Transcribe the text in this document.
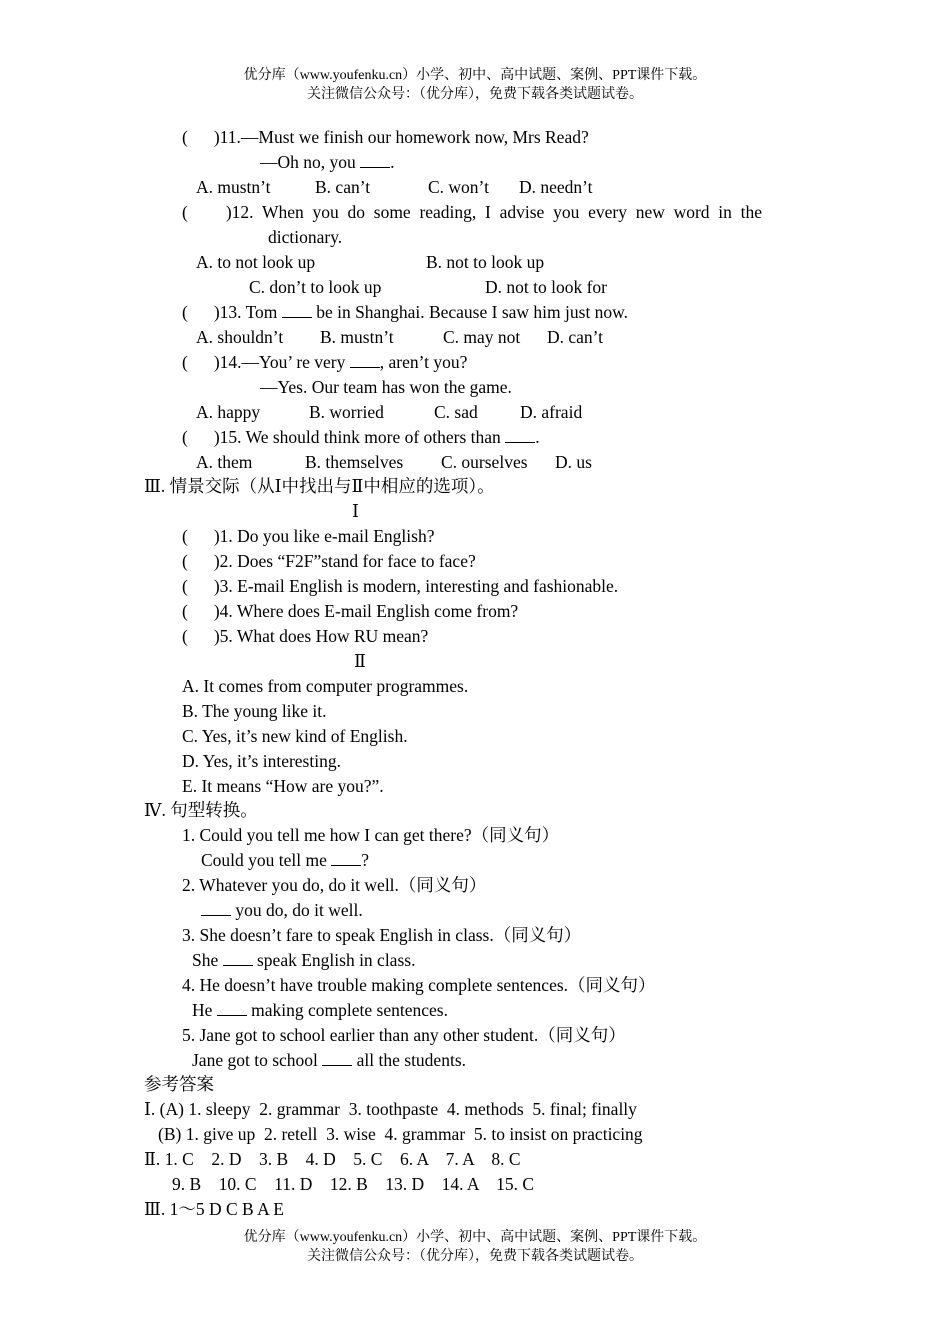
优分库（www.youfenku.cn）小学、初中、高中试题、案例、PPT课件下载。
关注微信公众号：（优分库），免费下载各类试题试卷。
( )11.—Must we finish our homework now, Mrs Read?
—Oh no, you .
A. mustn’t	B. can’t	C. won’t D. needn’t
( )12. When  you  do  some  reading,  I  advise  you  every  new  word  in  the
dictionary.
A. to not look up	B. not to look up
C. don’t to look up	D. not to look for
( )13. Tom be in Shanghai. Because I saw him just now.
A. shouldn’t B. mustn’t	C. may not D. can’t
( )14.—You’ re very , aren’t you?
—Yes. Our team has won the game.
A. happy	B. worried	C. sad D. afraid
( )15. We should think more of others than .
A. them	B. themselves C. ourselves D. us
Ⅲ. 情景交际（从Ⅰ中找出与Ⅱ中相应的选项）。
Ⅰ
( )1. Do you like e-mail English?
( )2. Does “F2F”stand for face to face?
( )3. E-mail English is modern, interesting and fashionable.
( )4. Where does E-mail English come from?
( )5. What does How RU mean?
Ⅱ
A. It comes from computer programmes.
B. The young like it.
C. Yes, it’s new kind of English.
D. Yes, it’s interesting.
E. It means “How are you?”.
Ⅳ. 句型转换。
1. Could you tell me how I can get there?（同义句）
Could you tell me ?
2. Whatever you do, do it well.（同义句）
you do, do it well.
3. She doesn’t fare to speak English in class.（同义句）
She speak English in class.
4. He doesn’t have trouble making complete sentences.（同义句）
He making complete sentences.
5. Jane got to school earlier than any other student.（同义句）
Jane got to school all the students.
参考答案
Ⅰ. (A) 1. sleepy  2. grammar  3. toothpaste  4. methods  5. final; finally
(B) 1. give up  2. retell  3. wise  4. grammar  5. to insist on practicing
Ⅱ. 1. C    2. D    3. B    4. D    5. C    6. A    7. A    8. C
9. B    10. C    11. D    12. B    13. D    14. A    15. C
Ⅲ. 1～5 D C B A E
优分库（www.youfenku.cn）小学、初中、高中试题、案例、PPT课件下载。
关注微信公众号：（优分库），免费下载各类试题试卷。
